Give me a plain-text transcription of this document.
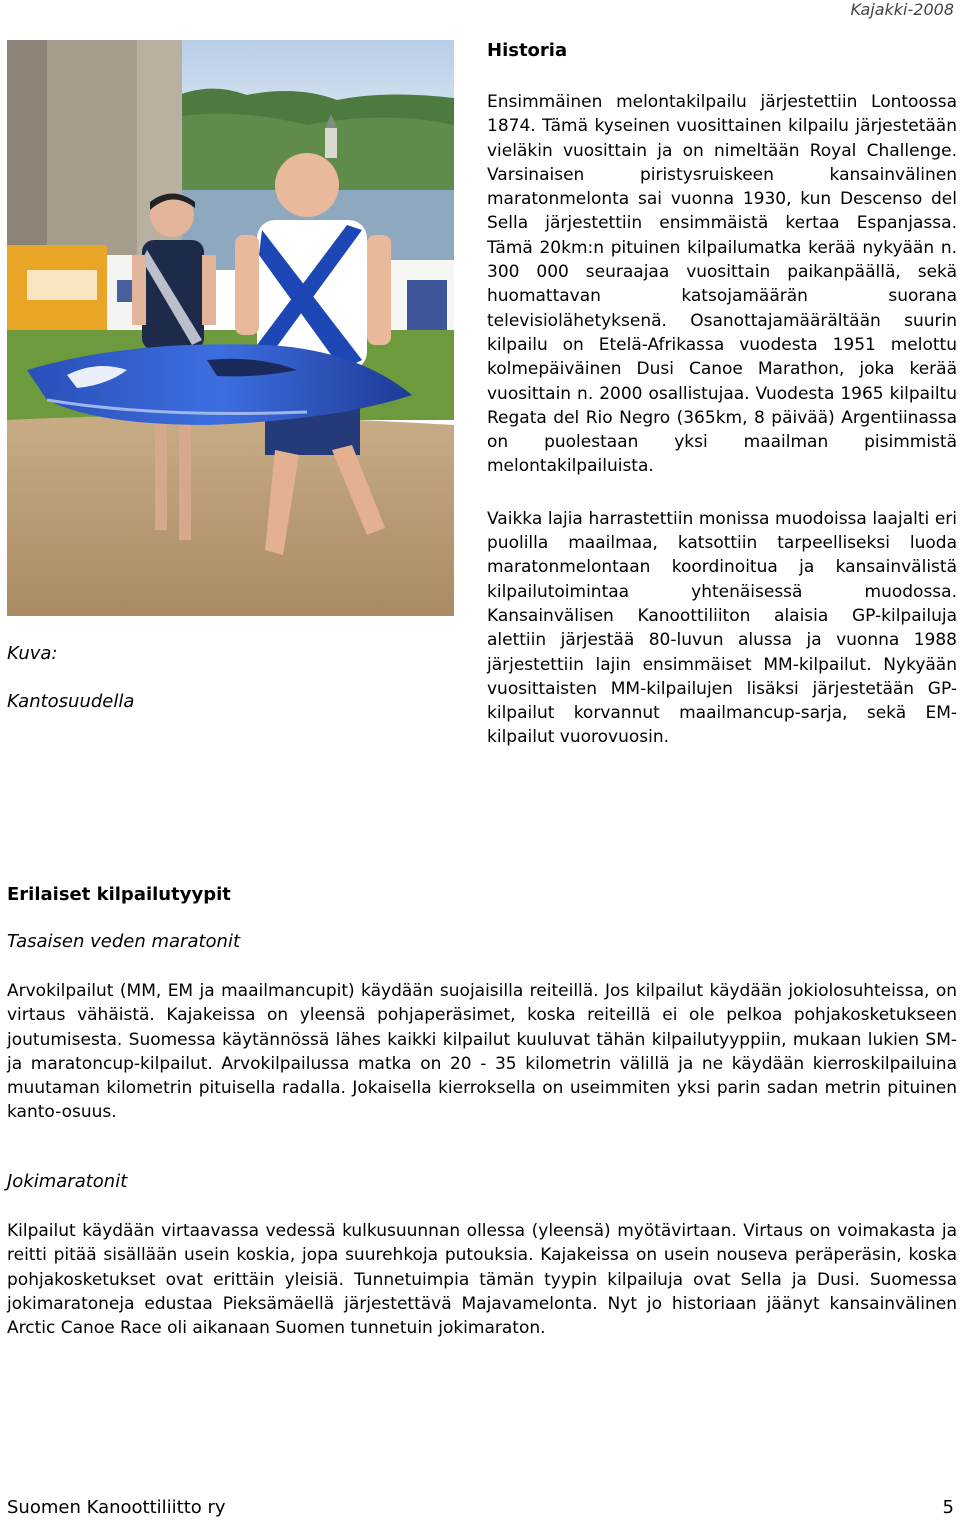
Kajakki-2008
Kuva:
Kantosuudella
Historia

Ensimmäinen melontakilpailu järjestettiin Lontoossa 1874. Tämä kyseinen vuosittainen kilpailu järjestetään vieläkin vuosittain ja on nimeltään Royal Challenge. Varsinaisen piristysruiskeen kansainvälinen maratonmelonta sai vuonna 1930, kun Descenso del Sella järjestettiin ensimmäistä kertaa Espanjassa. Tämä 20km:n pituinen kilpailumatka kerää nykyään n. 300 000 seuraajaa vuosittain paikanpäällä, sekä huomattavan katsojamäärän suorana televisiolähetyksenä. Osanottajamäärältään suurin kilpailu on Etelä-Afrikassa vuodesta 1951 melottu kolmepäiväinen Dusi Canoe Marathon, joka kerää vuosittain n. 2000 osallistujaa. Vuodesta 1965 kilpailtu Regata del Rio Negro (365km, 8 päivää) Argentiinassa on puolestaan yksi maailman pisimmistä melontakilpailuista.

Vaikka lajia harrastettiin monissa muodoissa laajalti eri puolilla maailmaa, katsottiin tarpeelliseksi luoda maratonmelontaan koordinoitua ja kansainvälistä kilpailutoimintaa yhtenäisessä muodossa. Kansainvälisen Kanoottiliiton alaisia GP-kilpailuja alettiin järjestää 80-luvun alussa ja vuonna 1988 järjestettiin lajin ensimmäiset MM-kilpailut. Nykyään vuosittaisten MM-kilpailujen lisäksi järjestetään GP-kilpailut korvannut maailmancup-sarja, sekä EM-kilpailut vuorovuosin.

Erilaiset kilpailutyypit

Tasaisen veden maratonit

Arvokilpailut (MM, EM ja maailmancupit) käydään suojaisilla reiteillä. Jos kilpailut käydään jokiolosuhteissa, on virtaus vähäistä. Kajakeissa on yleensä pohjaperäsimet, koska reiteillä ei ole pelkoa pohjakosketukseen joutumisesta. Suomessa käytännössä lähes kaikki kilpailut kuuluvat tähän kilpailutyyppiin, mukaan lukien SM- ja maratoncup-kilpailut. Arvokilpailussa matka on 20 - 35 kilometrin välillä ja ne käydään kierroskilpailuina muutaman kilometrin pituisella radalla. Jokaisella kierroksella on useimmiten yksi parin sadan metrin pituinen kanto-osuus.

Jokimaratonit

Kilpailut käydään virtaavassa vedessä kulkusuunnan ollessa (yleensä) myötävirtaan. Virtaus on voimakasta ja reitti pitää sisällään usein koskia, jopa suurehkoja putouksia. Kajakeissa on usein nouseva peräperäsin, koska pohjakosketukset ovat erittäin yleisiä. Tunnetuimpia tämän tyypin kilpailuja ovat Sella ja Dusi. Suomessa jokimaratoneja edustaa Pieksämäellä järjestettävä Majavamelonta. Nyt jo historiaan jäänyt kansainvälinen Arctic Canoe Race oli aikanaan Suomen tunnetuin jokimaraton.

Suomen Kanoottiliitto ry	5
